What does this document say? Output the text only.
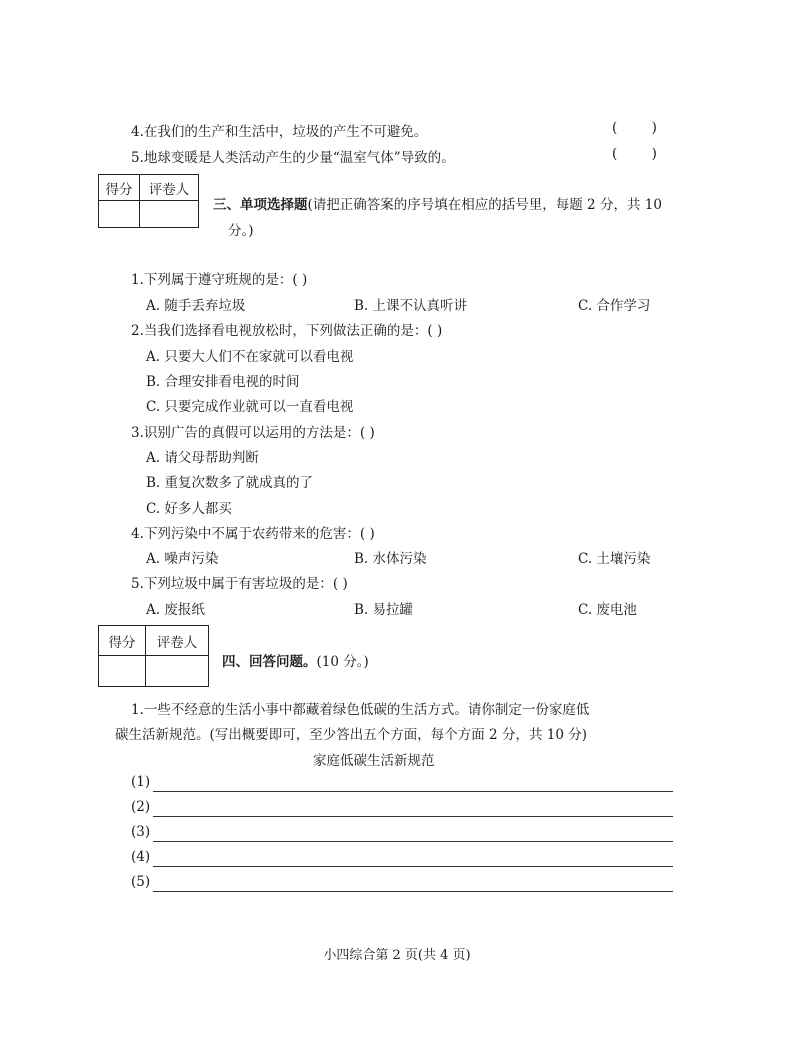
4.在我们的生产和生活中，垃圾的产生不可避免。	(        )
5.地球变暖是人类活动产生的少量“温室气体”导致的。	(        )
得分	评卷人

三、单项选择题(请把正确答案的序号填在相应的括号里，每题 2 分，共 10
分。)
1.下列属于遵守班规的是：( )
A. 随手丢弃垃圾	B. 上课不认真听讲	C. 合作学习
2.当我们选择看电视放松时，下列做法正确的是：( )
A. 只要大人们不在家就可以看电视
B. 合理安排看电视的时间
C. 只要完成作业就可以一直看电视
3.识别广告的真假可以运用的方法是：( )
A. 请父母帮助判断
B. 重复次数多了就成真的了
C. 好多人都买
4.下列污染中不属于农药带来的危害：( )
A. 噪声污染	B. 水体污染	C. 土壤污染
5.下列垃圾中属于有害垃圾的是：( )
A. 废报纸	B. 易拉罐	C. 废电池
得分	评卷人

四、回答问题。(10 分。)
1.一些不经意的生活小事中都藏着绿色低碳的生活方式。请你制定一份家庭低
碳生活新规范。(写出概要即可，至少答出五个方面，每个方面 2 分，共 10 分)
家庭低碳生活新规范
(1)
(2)
(3)
(4)
(5)
小四综合第 2 页(共 4 页)
